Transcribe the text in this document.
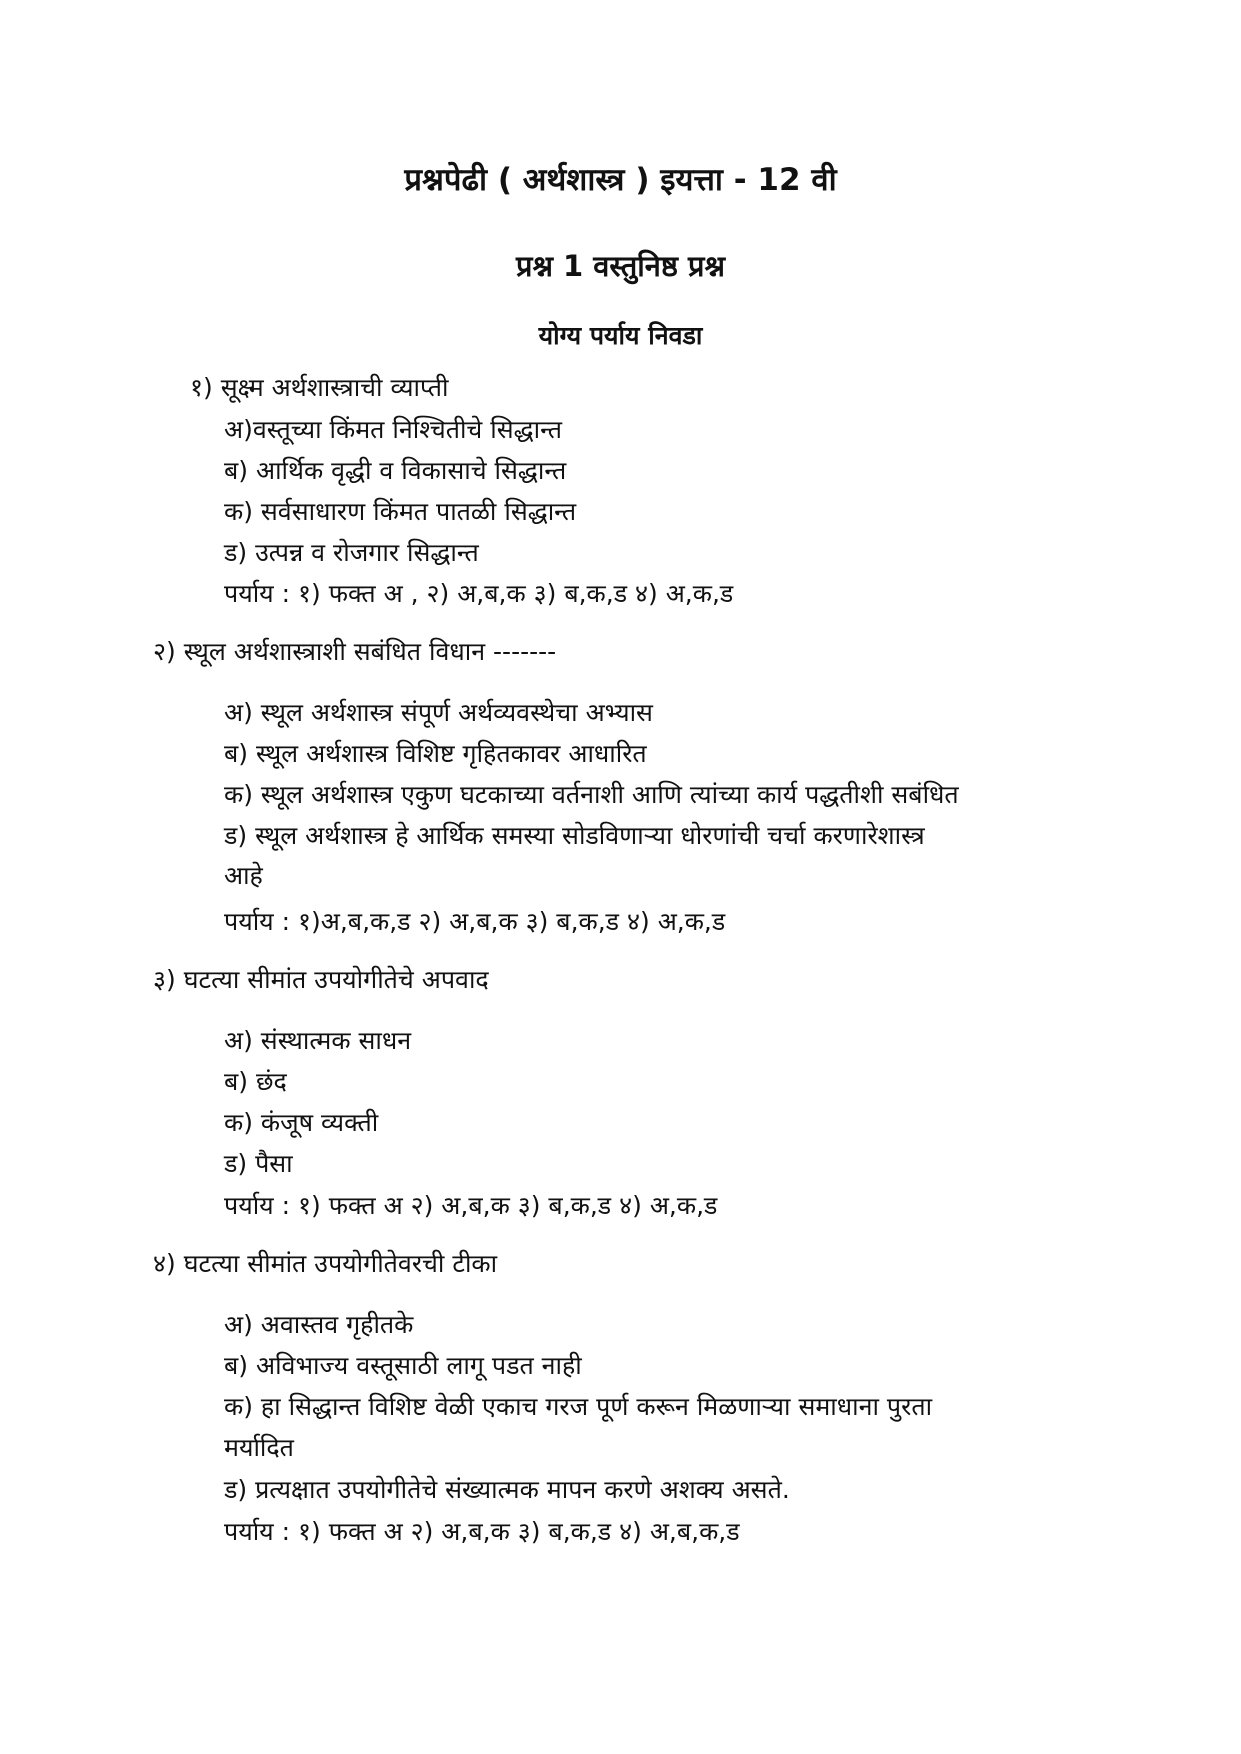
प्रश्नपेढी ( अर्थशास्त्र ) इयत्ता - 12 वी
प्रश्न 1 वस्तुनिष्ठ प्रश्न
योग्य पर्याय निवडा
१) सूक्ष्म अर्थशास्त्राची व्याप्ती
अ)वस्तूच्या किंमत निश्चितीचे सिद्धान्त
ब) आर्थिक वृद्धी व विकासाचे सिद्धान्त
क) सर्वसाधारण किंमत पातळी सिद्धान्त
ड) उत्पन्न व रोजगार सिद्धान्त
पर्याय : १) फक्त अ , २) अ,ब,क ३) ब,क,ड ४) अ,क,ड
२) स्थूल अर्थशास्त्राशी सबंधित विधान -------
अ) स्थूल अर्थशास्त्र संपूर्ण अर्थव्यवस्थेचा अभ्यास
ब) स्थूल अर्थशास्त्र विशिष्ट गृहितकावर आधारित
क) स्थूल अर्थशास्त्र एकुण घटकाच्या वर्तनाशी आणि त्यांच्या कार्य पद्धतीशी सबंधित
ड) स्थूल अर्थशास्त्र हे आर्थिक समस्या सोडविणाऱ्या धोरणांची चर्चा करणारेशास्त्र
आहे
पर्याय : १)अ,ब,क,ड २) अ,ब,क ३) ब,क,ड ४) अ,क,ड
३) घटत्या सीमांत उपयोगीतेचे अपवाद
अ) संस्थात्मक साधन
ब) छंद
क) कंजूष व्यक्ती
ड) पैसा
पर्याय : १) फक्त अ २) अ,ब,क ३) ब,क,ड ४) अ,क,ड
४) घटत्या सीमांत उपयोगीतेवरची टीका
अ) अवास्तव गृहीतके
ब) अविभाज्य वस्तूसाठी लागू पडत नाही
क) हा सिद्धान्त विशिष्ट वेळी एकाच गरज पूर्ण करून मिळणाऱ्या समाधाना पुरता
मर्यादित
ड) प्रत्यक्षात उपयोगीतेचे संख्यात्मक मापन करणे अशक्य असते.
पर्याय : १) फक्त अ २) अ,ब,क ३) ब,क,ड ४) अ,ब,क,ड
